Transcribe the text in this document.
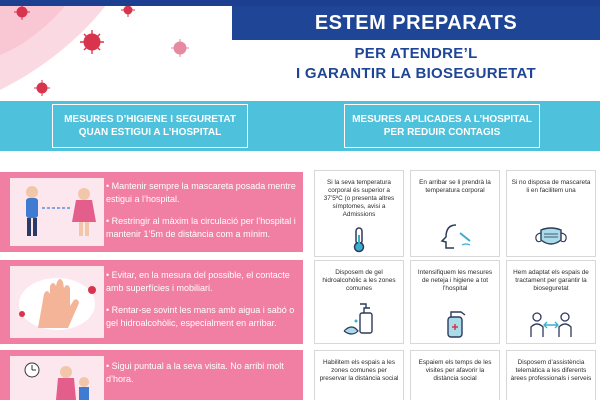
ESTEM PREPARATS
PER ATENDRE’L
I GARANTIR LA BIOSEGURETAT
MESURES D’HIGIENE I SEGURETAT
QUAN ESTIGUI A L’HOSPITAL
MESURES APLICADES A L’HOSPITAL
PER REDUIR CONTAGIS

• Mantenir sempre la mascareta posada mentre estigui a l’hospital.

• Restringir al màxim la circulació per l’hospital i mantenir 1’5m de distància com a mínim.

• Evitar, en la mesura del possible, el contacte amb superfícies i mobiliari.

• Rentar-se sovint les mans amb aigua i sabó o gel hidroalcohòlic, especialment en arribar.

• Sigui puntual a la seva visita. No arribi molt d’hora.

Si la seva temperatura corporal és superior a 37’5ºC (o presenta altres símptomes, avisi a Admissions
En arribar se li prendrà la temperatura corporal
Si no disposa de mascareta li en facilitem una
Disposem de gel hidroalcohòlic a les zones comunes
Intensifiquem les mesures de neteja i higiene a tot l’hospital
Hem adaptat els espais de tractament per garantir la bioseguretat
Habilitem els espais a les zones comunes per preservar la distància social
Espaiem els temps de les visites per afavorir la distància social
Disposem d’assistència telemàtica a les diferents àrees professionals i serveis
